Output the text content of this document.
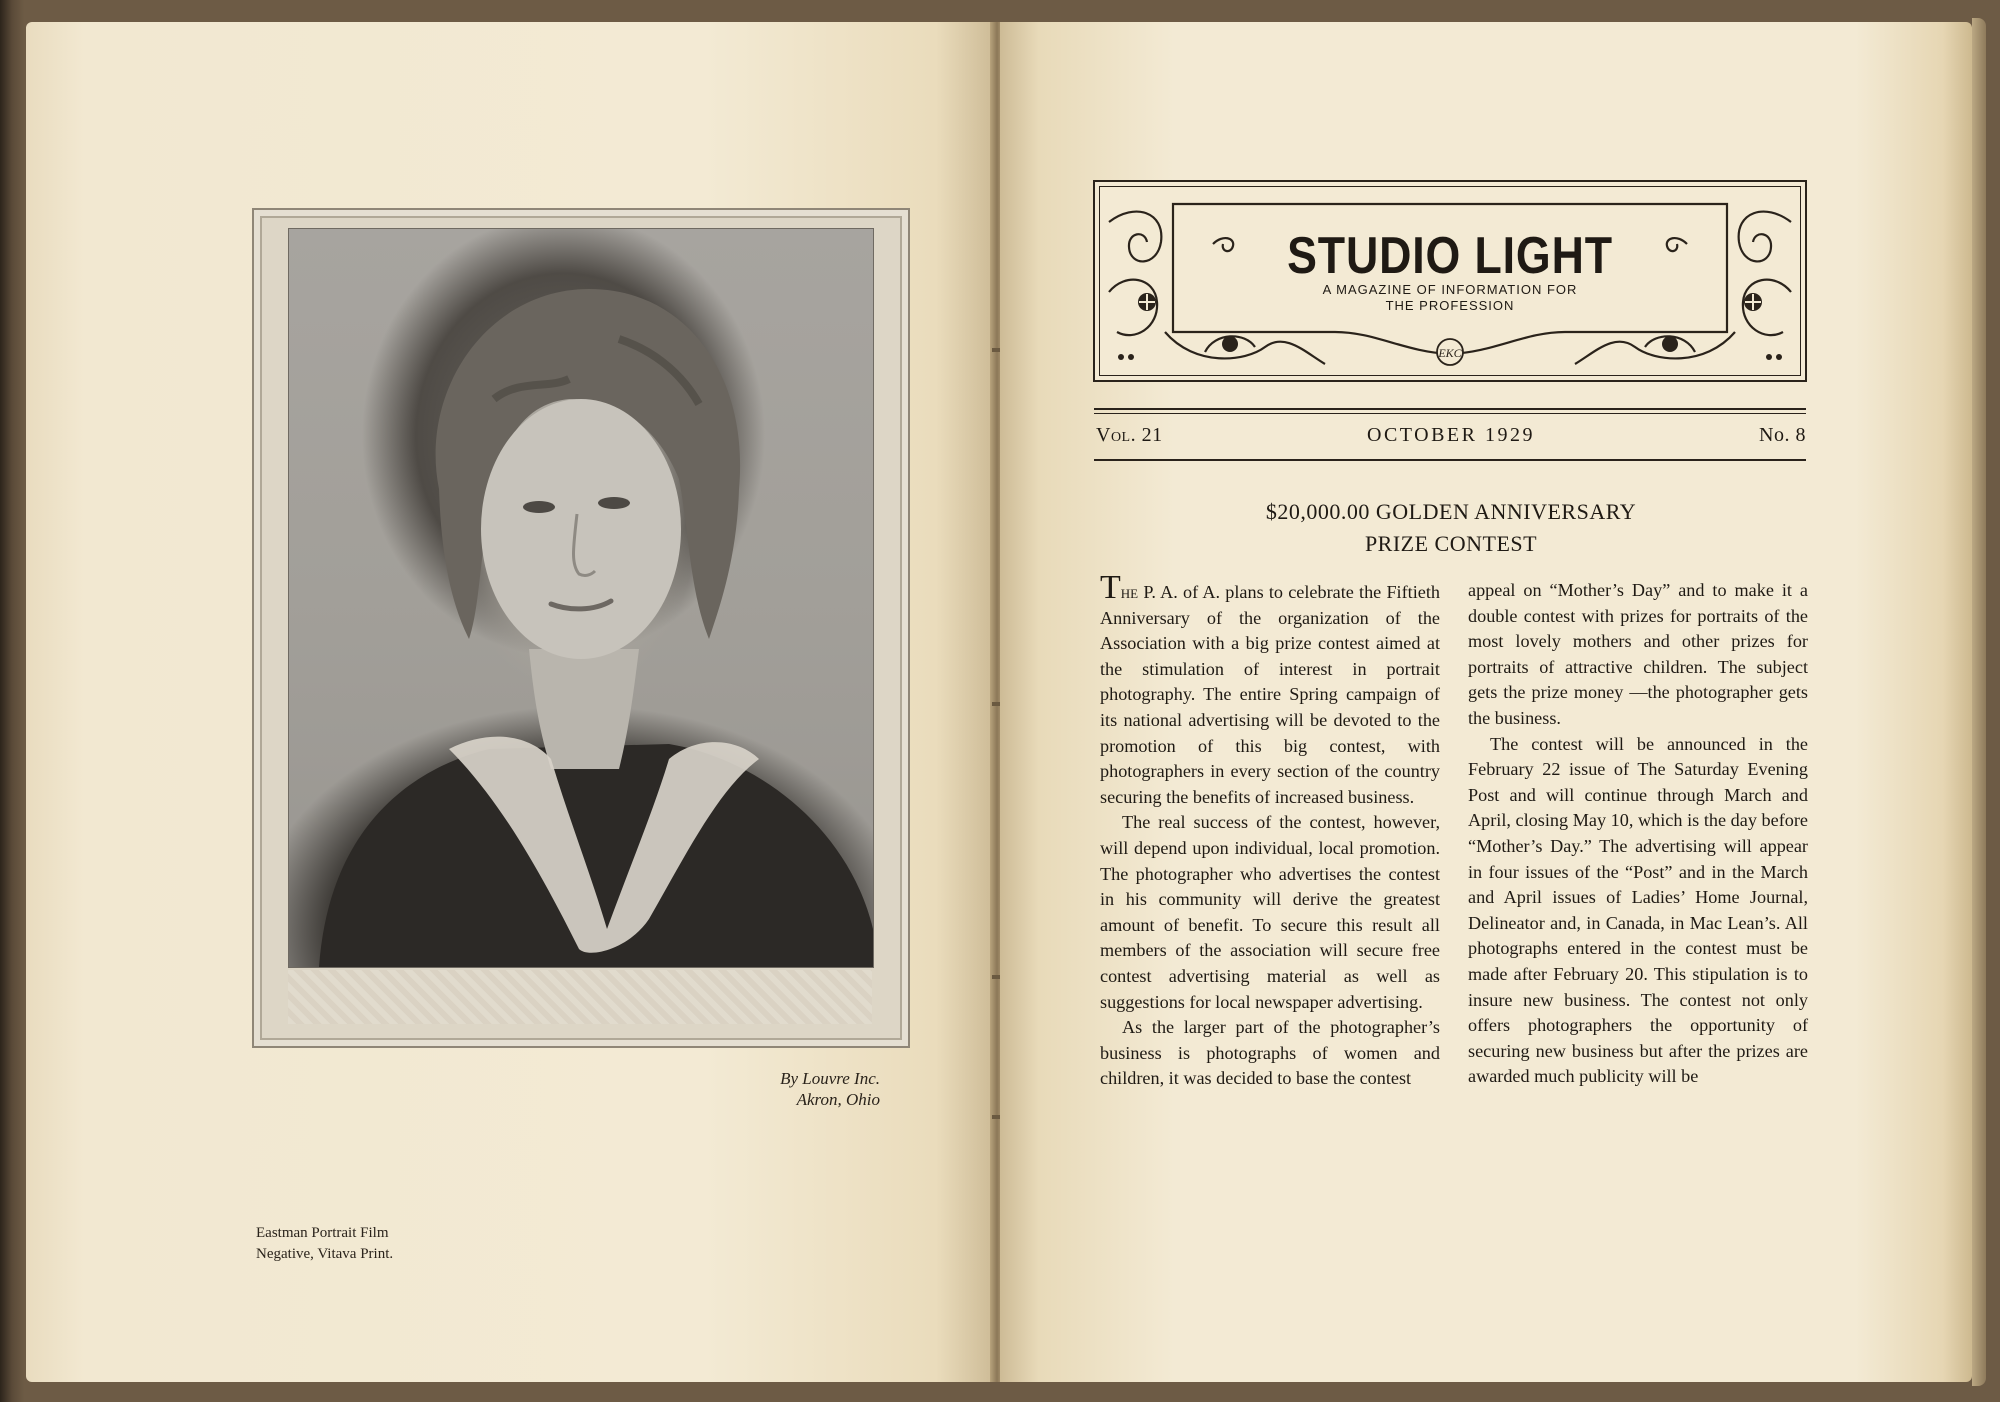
By Louvre Inc.
Akron, Ohio
Eastman Portrait Film
Negative, Vitava Print.
EKC
STUDIO LIGHT
A MAGAZINE OF INFORMATION FOR
THE PROFESSION
Vol. 21	OCTOBER 1929	No. 8
$20,000.00 GOLDEN ANNIVERSARY
PRIZE CONTEST

The P. A. of A. plans to celebrate the Fiftieth Anniversary of the organization of the Association with a big prize contest aimed at the stimulation of interest in portrait photography. The entire Spring campaign of its national advertising will be devoted to the promotion of this big contest, with photographers in every section of the country securing the benefits of increased business.

The real success of the contest, however, will depend upon individual, local promotion. The photographer who advertises the contest in his community will derive the greatest amount of benefit. To secure this result all members of the association will secure free contest advertising material as well as suggestions for local newspaper advertising.

As the larger part of the photographer’s business is photographs of women and children, it was decided to base the contest

appeal on “Mother’s Day” and to make it a double contest with prizes for portraits of the most lovely mothers and other prizes for portraits of attractive children. The subject gets the prize money —the photographer gets the business.

The contest will be announced in the February 22 issue of The Saturday Evening Post and will continue through March and April, closing May 10, which is the day before “Mother’s Day.” The advertising will appear in four issues of the “Post” and in the March and April issues of Ladies’ Home Journal, Delineator and, in Canada, in Mac Lean’s. All photographs entered in the contest must be made after February 20. This stipulation is to insure new business. The contest not only offers photographers the opportunity of securing new business but after the prizes are awarded much publicity will be
